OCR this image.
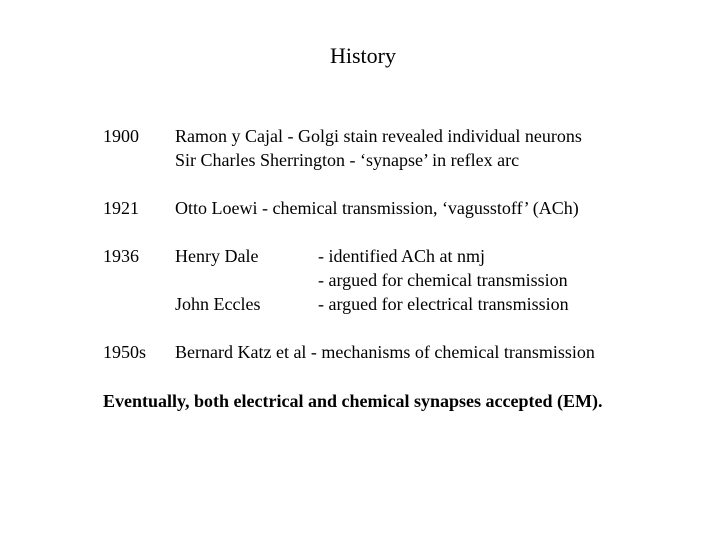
History
1900 Ramon y Cajal - Golgi stain revealed individual neurons
Sir Charles Sherrington - ‘synapse’ in reflex arc
1921 Otto Loewi - chemical transmission, ‘vagusstoff’ (ACh)
1936 Henry Dale	- identified ACh at nmj
- argued for chemical transmission
John Eccles	- argued for electrical transmission
1950s Bernard Katz et al - mechanisms of chemical transmission
Eventually, both electrical and chemical synapses accepted (EM).
